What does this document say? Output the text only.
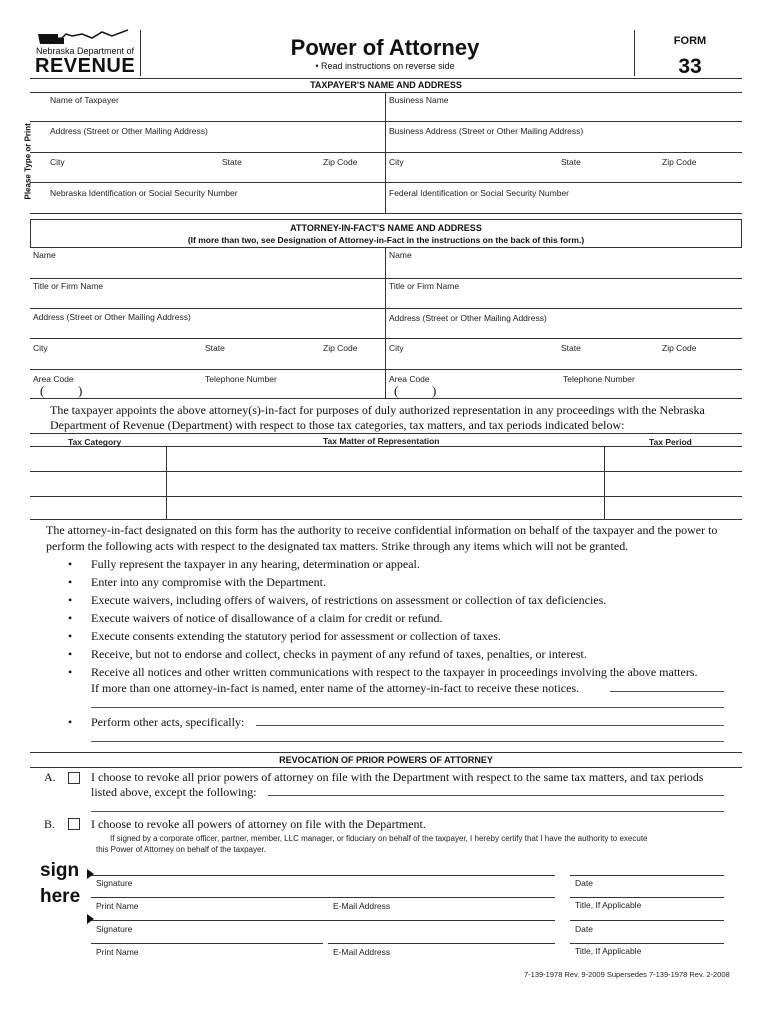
Nebraska Department of
REVENUE
Power of Attorney
• Read instructions on reverse side
FORM
33
TAXPAYER'S NAME AND ADDRESS
Please Type or Print
Name of Taxpayer	Business Name
Address (Street or Other Mailing Address)	Business Address (Street or Other Mailing Address)
City	State	Zip Code	City	State	Zip Code
Nebraska Identification or Social Security Number	Federal Identification or Social Security Number
ATTORNEY-IN-FACT'S NAME AND ADDRESS
(If more than two, see Designation of Attorney-in-Fact in the instructions on the back of this form.)
Name	Name
Title or Firm Name	Title or Firm Name
Address (Street or Other Mailing Address)	Address (Street or Other Mailing Address)
City	State	Zip Code	City	State	Zip Code
Area Code	Telephone Number	Area Code	Telephone Number
(	)	(	)
The taxpayer appoints the above attorney(s)-in-fact for purposes of duly authorized representation in any proceedings with the Nebraska Department of Revenue (Department) with respect to those tax categories, tax matters, and tax periods indicated below:
Tax Category	Tax Matter of Representation	Tax Period
The attorney-in-fact designated on this form has the authority to receive confidential information on behalf of the taxpayer and the power to perform the following acts with respect to the designated tax matters. Strike through any items which will not be granted.
• Fully represent the taxpayer in any hearing, determination or appeal.
• Enter into any compromise with the Department.
• Execute waivers, including offers of waivers, of restrictions on assessment or collection of tax deficiencies.
• Execute waivers of notice of disallowance of a claim for credit or refund.
• Execute consents extending the statutory period for assessment or collection of taxes.
• Receive, but not to endorse and collect, checks in payment of any refund of taxes, penalties, or interest.
• Receive all notices and other written communications with respect to the taxpayer in proceedings involving the above matters.
If more than one attorney-in-fact is named, enter name of the attorney-in-fact to receive these notices.
• Perform other acts, specifically:
REVOCATION OF PRIOR POWERS OF ATTORNEY
A.	I choose to revoke all prior powers of attorney on file with the Department with respect to the same tax matters, and tax periods
listed above, except the following:
B.	I choose to revoke all powers of attorney on file with the Department.
If signed by a corporate officer, partner, member, LLC manager, or fiduciary on behalf of the taxpayer, I hereby certify that I have the authority to execute
this Power of Attorney on behalf of the taxpayer.
sign
here
Signature	Date
Print Name	E-Mail Address	Title, If Applicable
Signature	Date
Print Name	E-Mail Address	Title, If Applicable
7-139-1978 Rev. 9-2009 Supersedes 7-139-1978 Rev. 2-2008
